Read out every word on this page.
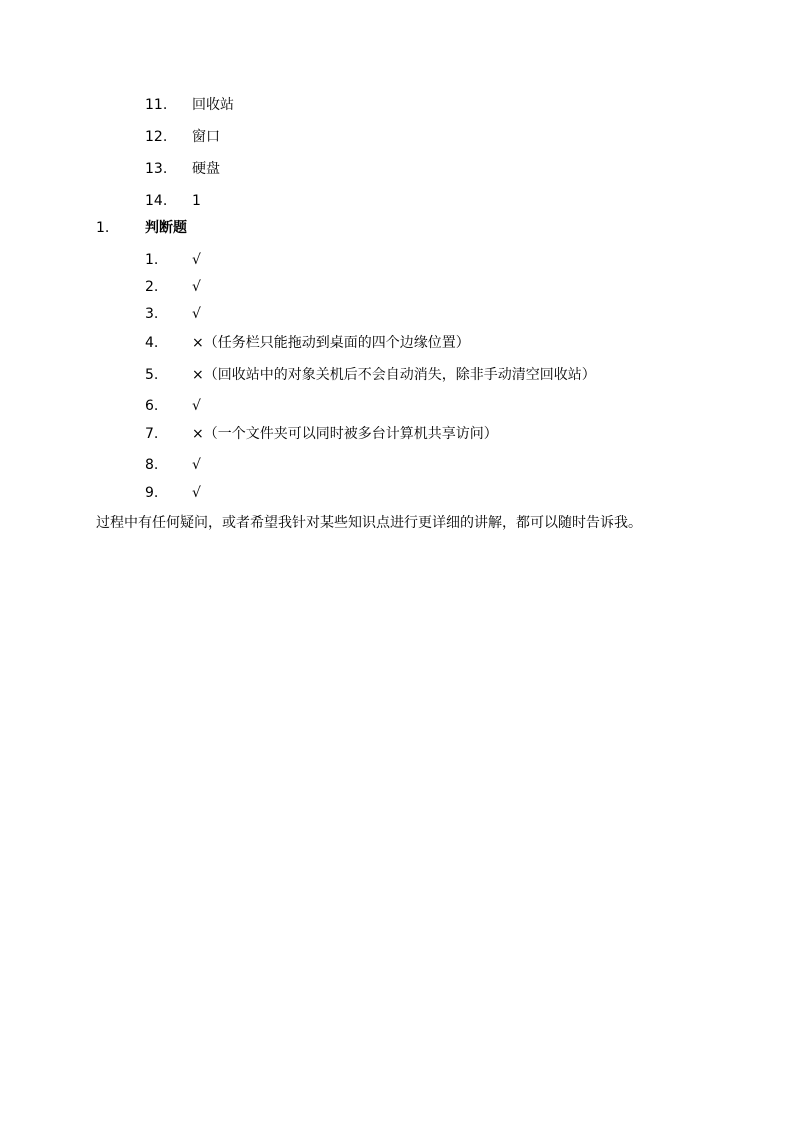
11. 回收站
12. 窗口
13. 硬盘
14. 1
1.	判断题
1. √
2. √
3. √
4. ×（任务栏只能拖动到桌面的四个边缘位置）
5. ×（回收站中的对象关机后不会自动消失，除非手动清空回收站）
6. √
7. ×（一个文件夹可以同时被多台计算机共享访问）
8. √
9. √
过程中有任何疑问，或者希望我针对某些知识点进行更详细的讲解，都可以随时告诉我。
